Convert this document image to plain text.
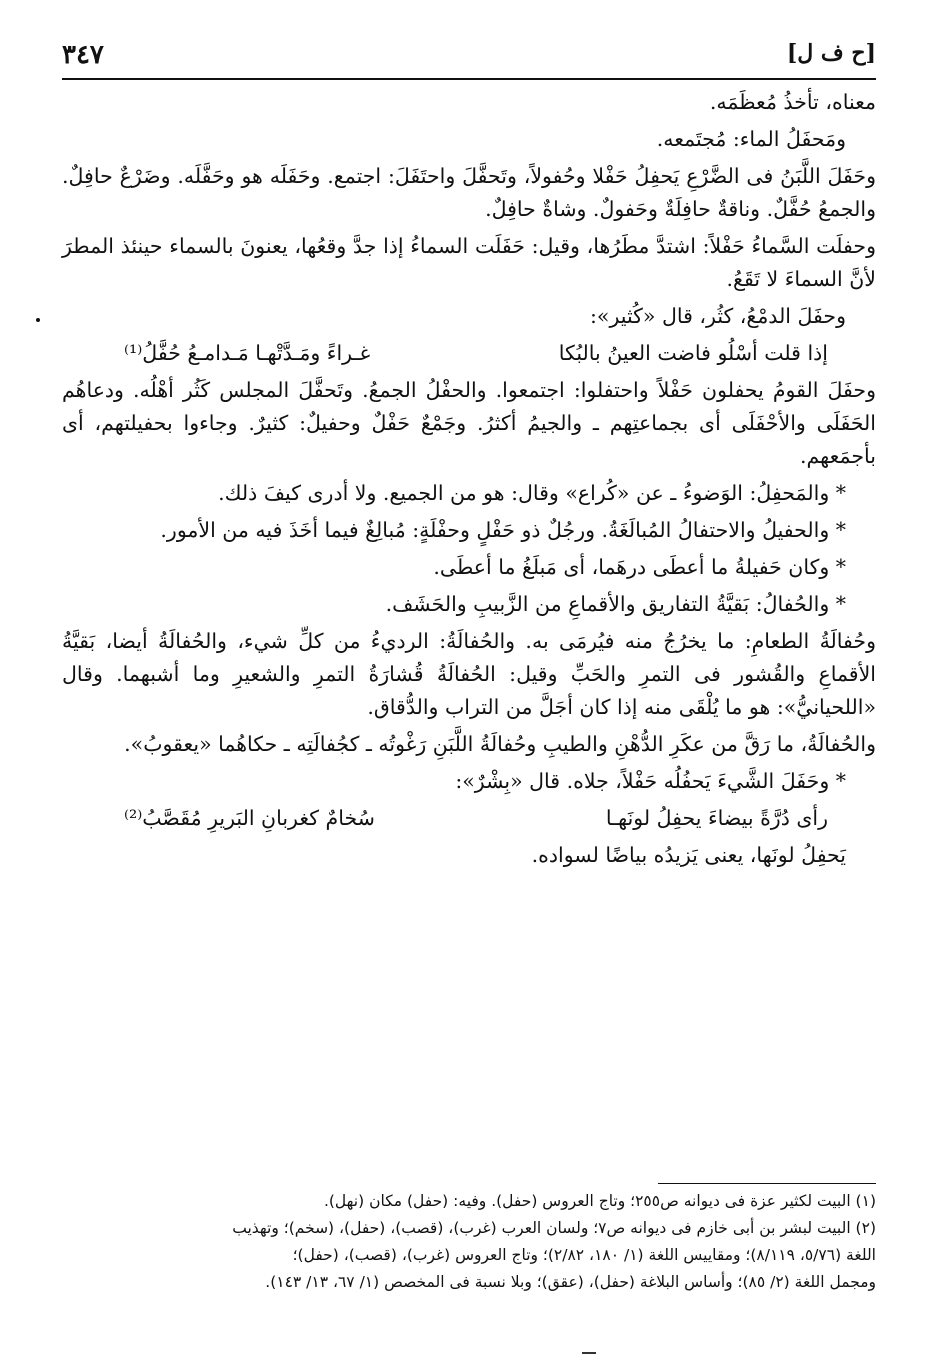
٣٤٧	[ح ف ل]

معناه، تأخذُ مُعظَمَه.

ومَحفَلُ الماء: مُجتَمعه.

وحَفَلَ اللَّبَنُ فى الضَّرْعِ يَحفِلُ حَفْلا وحُفولاً، وتَحفَّلَ واحتَفَلَ: اجتمع. وحَفَلَه هو وحَفَّلَه. وضَرْعٌ حافِلٌ. والجمعُ حُفَّلٌ. وناقةٌ حافِلَةٌ وحَفولٌ. وشاةٌ حافِلٌ.

وحفلَت السَّماءُ حَفْلاً: اشتدَّ مطَرُها، وقيل: حَفَلَت السماءُ إذا جدَّ وقعُها، يعنونَ بالسماء حينئذ المطرَ لأنَّ السماءَ لا تَقَعُ.

وحفَلَ الدمْعُ، كثُر، قال «كُثير»:

إذا قلت أسْلُو فاضت العينُ بالبُكا
غـراءً ومَـدَّتْهـا مَـدامـعُ حُفَّلُ⁽¹⁾

وحفَلَ القومُ يحفلون حَفْلاً واحتفلوا: اجتمعوا. والحفْلُ الجمعُ. وتَحفَّلَ المجلس كَثُر أهْلُه. ودعاهُم الحَفَلَى والأحْفَلَى أى بجماعتِهم ـ والجيمُ أكثرُ. وجَمْعٌ حَفْلٌ وحفيلٌ: كثيرٌ. وجاءوا بحفيلتهم، أى بأجمَعهم.

* والمَحفِلُ: الوَضوءُ ـ عن «كُراع» وقال: هو من الجميع. ولا أدرى كيفَ ذلك.

* والحفيلُ والاحتفالُ المُبالَغَةُ. ورجُلٌ ذو حَفْلٍ وحفْلَةٍ: مُبالِغٌ فيما أخَذَ فيه من الأمور.

* وكان حَفيلةُ ما أعطَى درهَما، أى مَبلَغُ ما أعطَى.

* والحُفالُ: بَقيَّةُ التفاريق والأقماعِ من الزَّبيبِ والحَشَف.

وحُفالَةُ الطعامِ: ما يخرُجُ منه فيُرمَى به. والحُفالَةُ: الرديءُ من كلِّ شيء، والحُفالَةُ أيضا، بَقيَّةُ الأقماعِ والقُشور فى التمرِ والحَبِّ وقيل: الحُفالَةُ قُشارَةُ التمرِ والشعيرِ وما أشبهما. وقال «اللحيانيُّ»: هو ما يُلْقَى منه إذا كان أجَلَّ من التراب والدُّقاق.

والحُفالَةُ، ما رَقَّ من عكَرِ الدُّهْنِ والطيبِ وحُفالَةُ اللَّبَنِ رَغْوتُه ـ كجُفالَتِه ـ حكاهُما «يعقوبُ».

* وحَفَلَ الشَّيءَ يَحفُلُه حَفْلاً، جلاه. قال «بِشْرٌ»:

رأى دُرَّةً بيضاءَ يحفِلُ لونَهـا
سُخامٌ كغربانِ البَريرِ مُقَصَّبُ⁽²⁾

يَحفِلُ لونَها، يعنى يَزيدُه بياضًا لسواده.

(١) البيت لكثير عزة فى ديوانه ص٢٥٥؛ وتاج العروس (حفل). وفيه: (حفل) مكان (نهل).

(٢) البيت لبشر بن أبى خازم فى ديوانه ص٧؛ ولسان العرب (غرب)، (قصب)، (حفل)، (سخم)؛ وتهذيب

اللغة (٥/٧٦، ٨/١١٩)؛ ومقاييس اللغة (١/ ١٨٠، ٢/٨٢)؛ وتاج العروس (غرب)، (قصب)، (حفل)؛

ومجمل اللغة (٢/ ٨٥)؛ وأساس البلاغة (حفل)، (عقق)؛ وبلا نسبة فى المخصص (١/ ٦٧، ١٣/ ١٤٣).
